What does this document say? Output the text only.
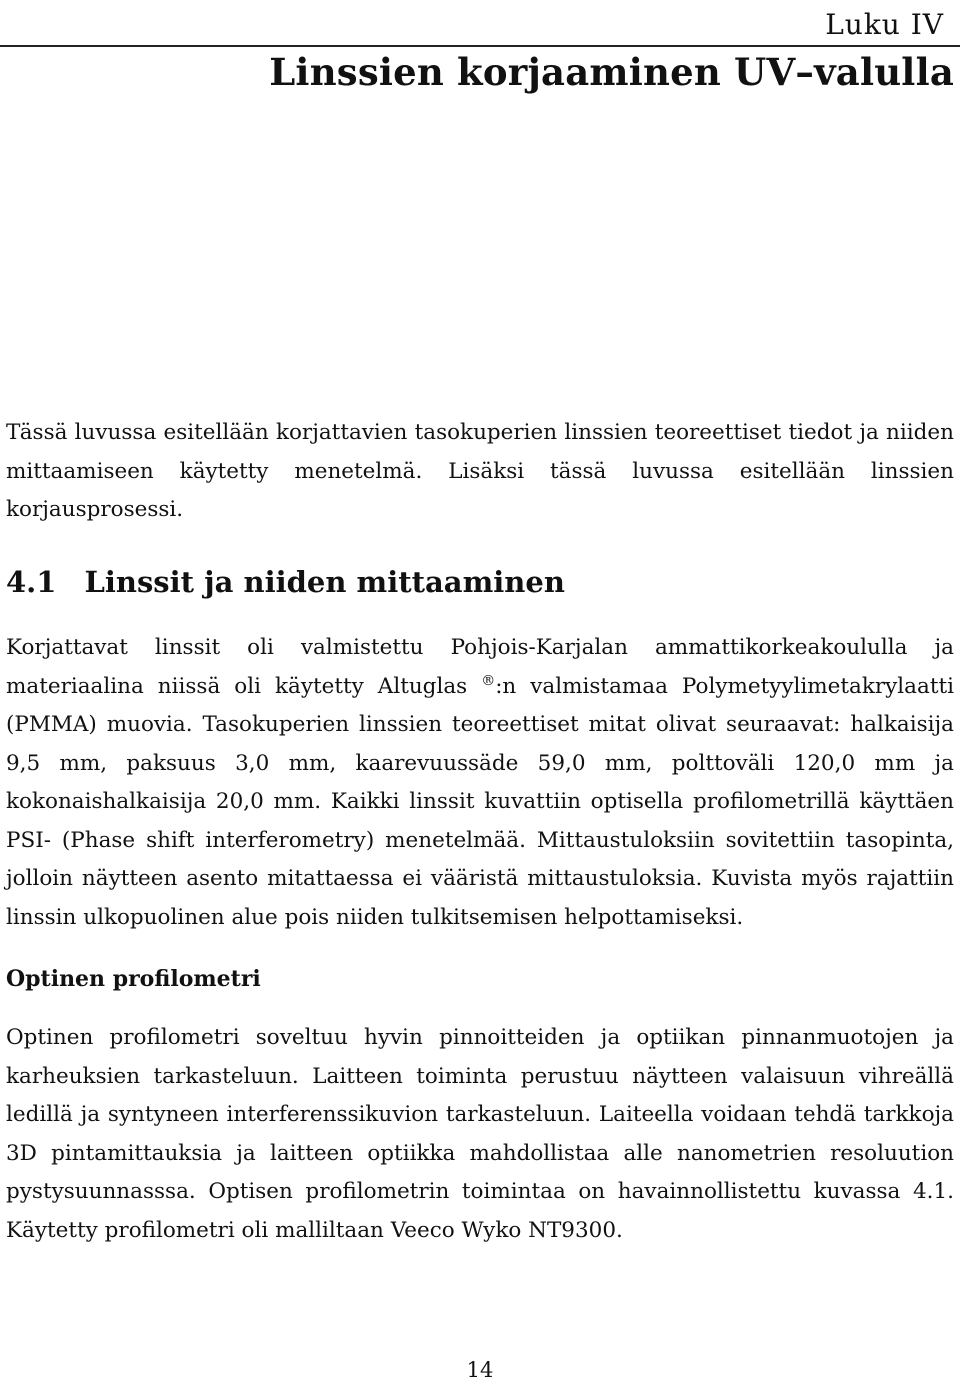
Luku IV
Linssien korjaaminen UV–valulla

Tässä luvussa esitellään korjattavien tasokuperien linssien teoreettiset tiedot ja niiden mittaamiseen käytetty menetelmä. Lisäksi tässä luvussa esitellään linssien korjausprosessi.

4.1 Linssit ja niiden mittaaminen

Korjattavat linssit oli valmistettu Pohjois-Karjalan ammattikorkeakoululla ja materiaalina niissä oli käytetty Altuglas ®:n valmistamaa Polymetyylimetakrylaatti (PMMA) muovia. Tasokuperien linssien teoreettiset mitat olivat seuraavat: halkaisija 9,5 mm, paksuus 3,0 mm, kaarevuussäde 59,0 mm, polttoväli 120,0 mm ja kokonaishalkaisija 20,0 mm. Kaikki linssit kuvattiin optisella profilometrillä käyttäen PSI- (Phase shift interferometry) menetelmää. Mittaustuloksiin sovitettiin tasopinta, jolloin näytteen asento mitattaessa ei vääristä mittaustuloksia. Kuvista myös rajattiin linssin ulkopuolinen alue pois niiden tulkitsemisen helpottamiseksi.

Optinen profilometri

Optinen profilometri soveltuu hyvin pinnoitteiden ja optiikan pinnanmuotojen ja karheuksien tarkasteluun. Laitteen toiminta perustuu näytteen valaisuun vihreällä ledillä ja syntyneen interferenssikuvion tarkasteluun. Laiteella voidaan tehdä tarkkoja 3D pintamittauksia ja laitteen optiikka mahdollistaa alle nanometrien resoluution pystysuunnasssa. Optisen profilometrin toimintaa on havainnollistettu kuvassa 4.1. Käytetty profilometri oli malliltaan Veeco Wyko NT9300.

14
